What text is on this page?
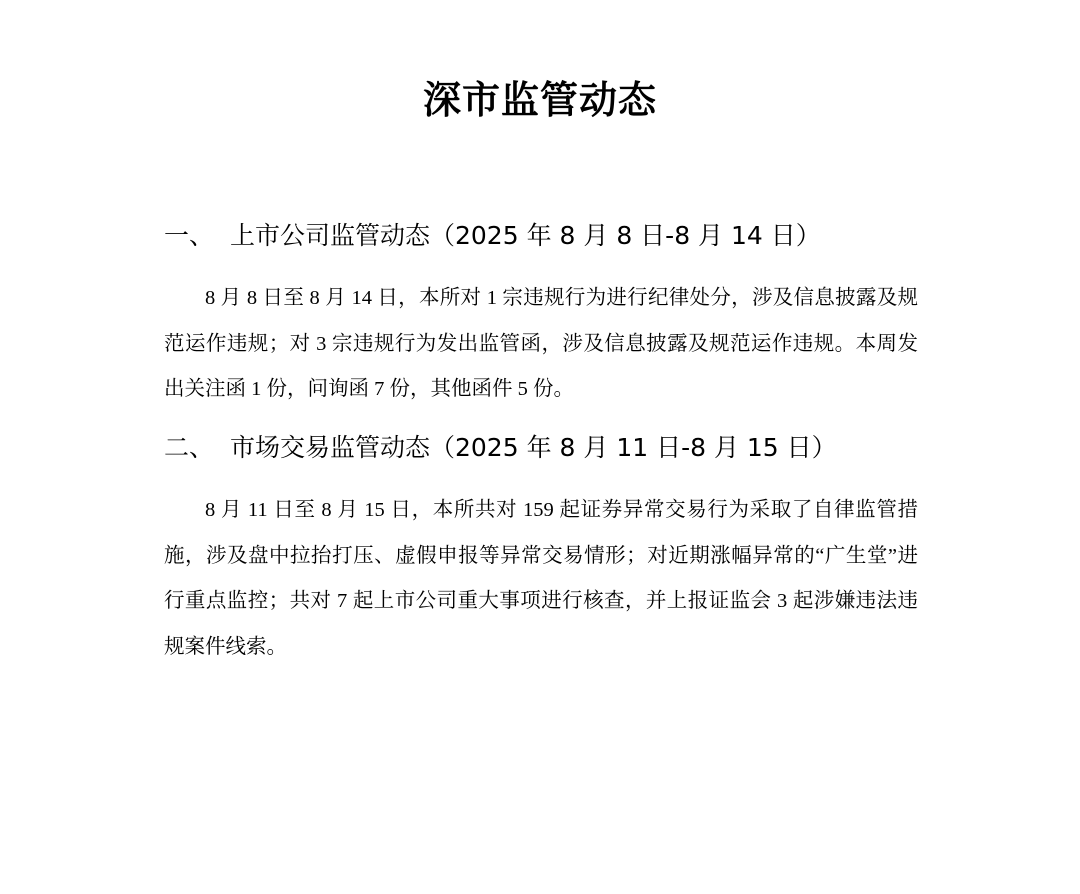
深市监管动态
一、 上市公司监管动态（2025 年 8 月 8 日-8 月 14 日）

8 月 8 日至 8 月 14 日，本所对 1 宗违规行为进行纪律处分，涉及信息披露及规范运作违规；对 3 宗违规行为发出监管函，涉及信息披露及规范运作违规。本周发出关注函 1 份，问询函 7 份，其他函件 5 份。

二、 市场交易监管动态（2025 年 8 月 11 日-8 月 15 日）

8 月 11 日至 8 月 15 日，本所共对 159 起证券异常交易行为采取了自律监管措施，涉及盘中拉抬打压、虚假申报等异常交易情形；对近期涨幅异常的“广生堂”进行重点监控；共对 7 起上市公司重大事项进行核查，并上报证监会 3 起涉嫌违法违规案件线索。
